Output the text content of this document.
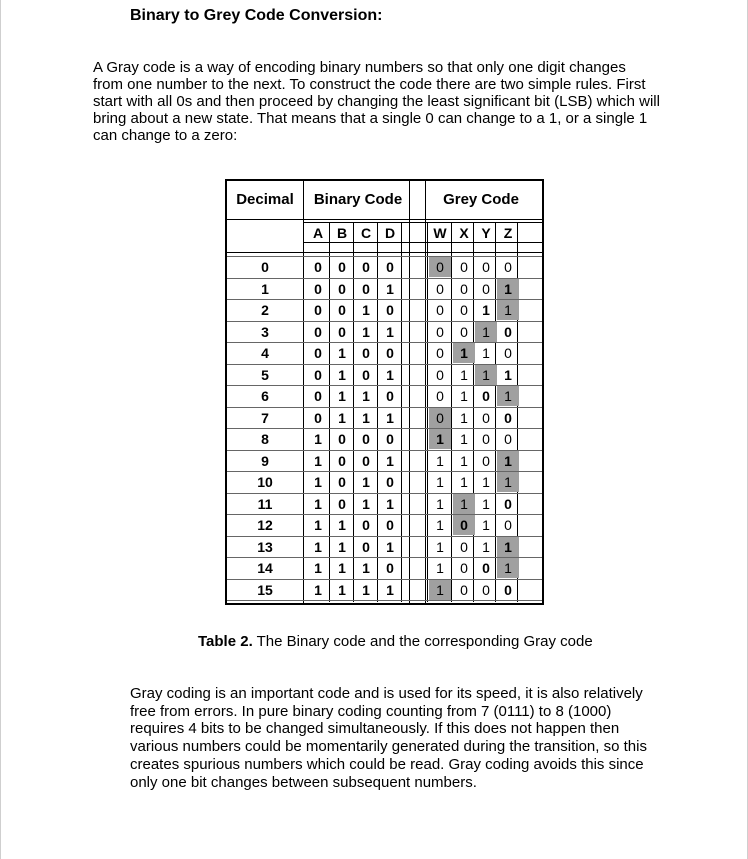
Binary to Grey Code Conversion:
A Gray code is a way of encoding binary numbers so that only one digit changes
from one number to the next. To construct the code there are two simple rules. First
start with all 0s and then proceed by changing the least significant bit (LSB) which will
bring about a new state. That means that a single 0 can change to a 1, or a single 1
can change to a zero:
Decimal	Binary Code	Grey Code
A B C D	W X Y Z
0	0	0	0	0	0	0	0	0
1	0	0	0	1	0	0	0	1
2	0	0	1	0	0	0	1	1
3	0	0	1	1	0	0	1	0
4	0	1	0	0	0	1	1	0
5	0	1	0	1	0	1	1	1
6	0	1	1	0	0	1	0	1
7	0	1	1	1	0	1	0	0
8	1	0	0	0	1	1	0	0
9	1	0	0	1	1	1	0	1
10	1	0	1	0	1	1	1	1
11	1	0	1	1	1	1	1	0
12	1	1	0	0	1	0	1	0
13	1	1	0	1	1	0	1	1
14	1	1	1	0	1	0	0	1
15	1	1	1	1	1	0	0	0
Table 2. The Binary code and the corresponding Gray code
Gray coding is an important code and is used for its speed, it is also relatively
free from errors. In pure binary coding counting from 7 (0111) to 8 (1000)
requires 4 bits to be changed simultaneously. If this does not happen then
various numbers could be momentarily generated during the transition, so this
creates spurious numbers which could be read. Gray coding avoids this since
only one bit changes between subsequent numbers.
